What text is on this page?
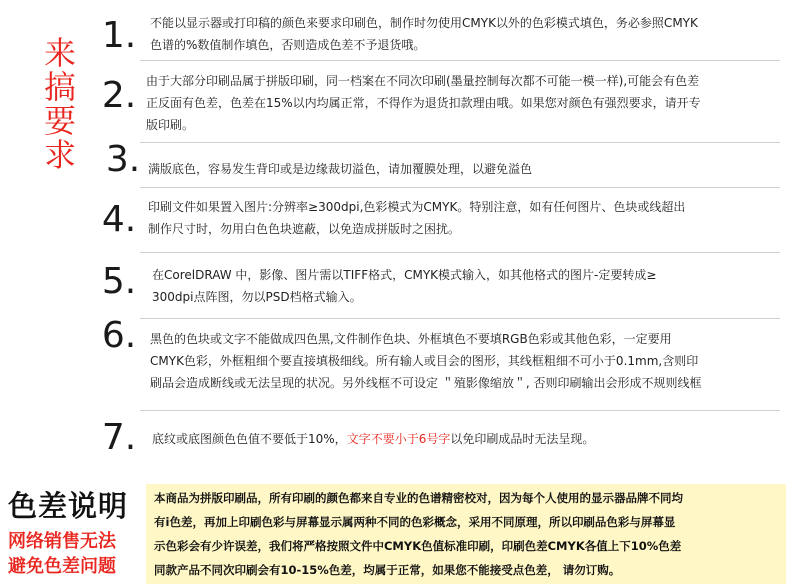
来搞要求
1.	不能以显示器或打印稿的颜色来要求印刷色，制作时勿使用CMYK以外的色彩模式填色，务必参照CMYK
色谱的%数值制作填色，否则造成色差不予退货哦。
2. 由于大部分印刷品属于拼版印刷，同一档案在不同次印刷(墨量控制每次都不可能一模一样),可能会有色差
正反面有色差，色差在15%以内均属正常，不得作为退货扣款理由哦。如果您对颜色有强烈要求，请开专
版印刷。
3. 满版底色，容易发生背印或是边缘裁切溢色，请加覆膜处理，以避免溢色
4. 印刷文件如果置入图片:分辨率≥300dpi,色彩模式为CMYK。特别注意，如有任何图片、色块或线超出
制作尺寸时，勿用白色色块遮蔽，以免造成拼版时之困扰。
5.	在CorelDRAW 中，影像、图片需以TIFF格式，CMYK模式输入，如其他格式的图片-定要转成≥
300dpi点阵图，勿以PSD档格式输入。
6.	黑色的色块或文字不能做成四色黑,文件制作色块、外框填色不要填RGB色彩或其他色彩，一定要用
CMYK色彩，外框粗细个要直接填极细线。所有输人或目会的图形，其线框粗细不可小于0.1mm,含则印
刷品会造成断线或无法呈现的状况。另外线框不可设定 ＂殖影像缩放＂, 否则印刷输出会形成不规则线框
7.	底纹或底图颜色色值不要低于10%，文字不要小于6号字以免印刷成品时无法呈现。
色差说明
网络销售无法
避免色差问题
本商品为拼版印刷品，所有印刷的颜色都来自专业的色谱精密校对，因为每个人使用的显示器品牌不同均
有i色差，再加上印刷色彩与屏幕显示属两种不同的色彩概念，采用不同原理，所以印刷品色彩与屏幕显
示色彩会有少许误差，我们将严格按照文件中CMYK色值标准印刷，印刷色差CMYK各值上下10%色差
同款产品不同次印刷会有10-15%色差，均属于正常，如果您不能接受点色差， 请勿订购。
